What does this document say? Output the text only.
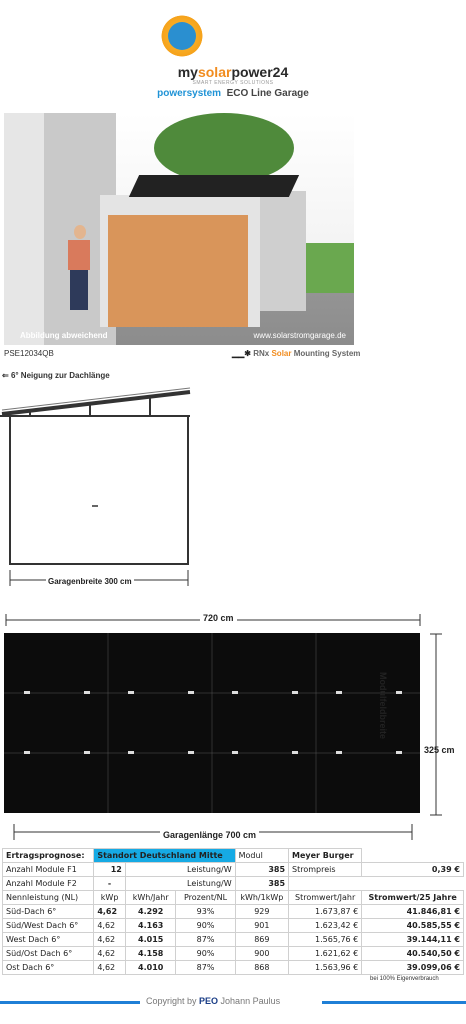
mysolarpower24
SMART ENERGY SOLUTIONS
powersystem ECO Line Garage
Abbildung abweichend	www.solarstromgarage.de
PSE12034QB	▁▁✱ RNx Solar Mounting System
⇐ 6° Neigung zur Dachlänge
Garagenbreite 300 cm
720 cm
Garagenlänge 700 cm
Modulfeldbreite
325 cm
Ertragsprognose:	Standort Deutschland Mitte			Modul	Meyer Burger	
Anzahl Module F1	12	Leistung/W		385	Strompreis	0,39 €
Anzahl Module F2	-	Leistung/W		385		
Nennleistung (NL)	kWp	kWh/Jahr	Prozent/NL	kWh/1kWp	Stromwert/Jahr	Stromwert/25 Jahre
Süd-Dach 6°	4,62	4.292	93%	929	1.673,87 €	41.846,81 €
Süd/West Dach 6°	4,62	4.163	90%	901	1.623,42 €	40.585,55 €
West Dach 6°	4,62	4.015	87%	869	1.565,76 €	39.144,11 €
Süd/Ost Dach 6°	4,62	4.158	90%	900	1.621,62 €	40.540,50 €
Ost Dach 6°	4,62	4.010	87%	868	1.563,96 €	39.099,06 €
bei 100% Eigenverbrauch
Copyright by PEO Johann Paulus
